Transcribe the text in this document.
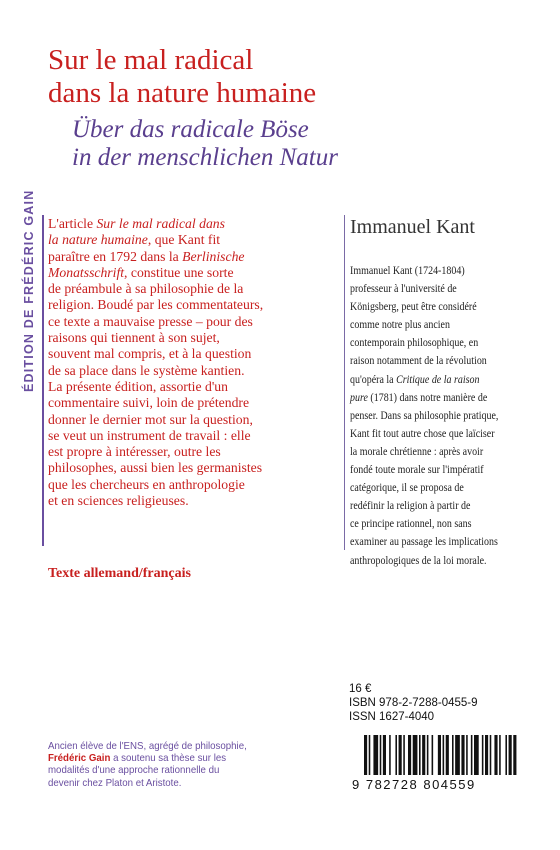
Sur le mal radical
dans la nature humaine
Über das radicale Böse
in der menschlichen Natur
ÉDITION DE FRÉDÉRIC GAIN L'article Sur le mal radical dans
la nature humaine, que Kant fit
paraître en 1792 dans la Berlinische
Monatsschrift, constitue une sorte
de préambule à sa philosophie de la
religion. Boudé par les commentateurs,
ce texte a mauvaise presse – pour des
raisons qui tiennent à son sujet,
souvent mal compris, et à la question
de sa place dans le système kantien.
La présente édition, assortie d'un
commentaire suivi, loin de prétendre
donner le dernier mot sur la question,
se veut un instrument de travail : elle
est propre à intéresser, outre les
philosophes, aussi bien les germanistes
que les chercheurs en anthropologie
et en sciences religieuses.
Texte allemand/français
Immanuel Kant
Immanuel Kant (1724-1804)
professeur à l'université de
Königsberg, peut être considéré
comme notre plus ancien
contemporain philosophique, en
raison notamment de la révolution
qu'opéra la Critique de la raison
pure (1781) dans notre manière de
penser. Dans sa philosophie pratique,
Kant fit tout autre chose que laïciser
la morale chrétienne : après avoir
fondé toute morale sur l'impératif
catégorique, il se proposa de
redéfinir la religion à partir de
ce principe rationnel, non sans
examiner au passage les implications
anthropologiques de la loi morale.
16 €
ISBN 978-2-7288-0455-9
ISSN 1627-4040
9 782728 804559
Ancien élève de l'ENS, agrégé de philosophie,
Frédéric Gain a soutenu sa thèse sur les
modalités d'une approche rationnelle du
devenir chez Platon et Aristote.
